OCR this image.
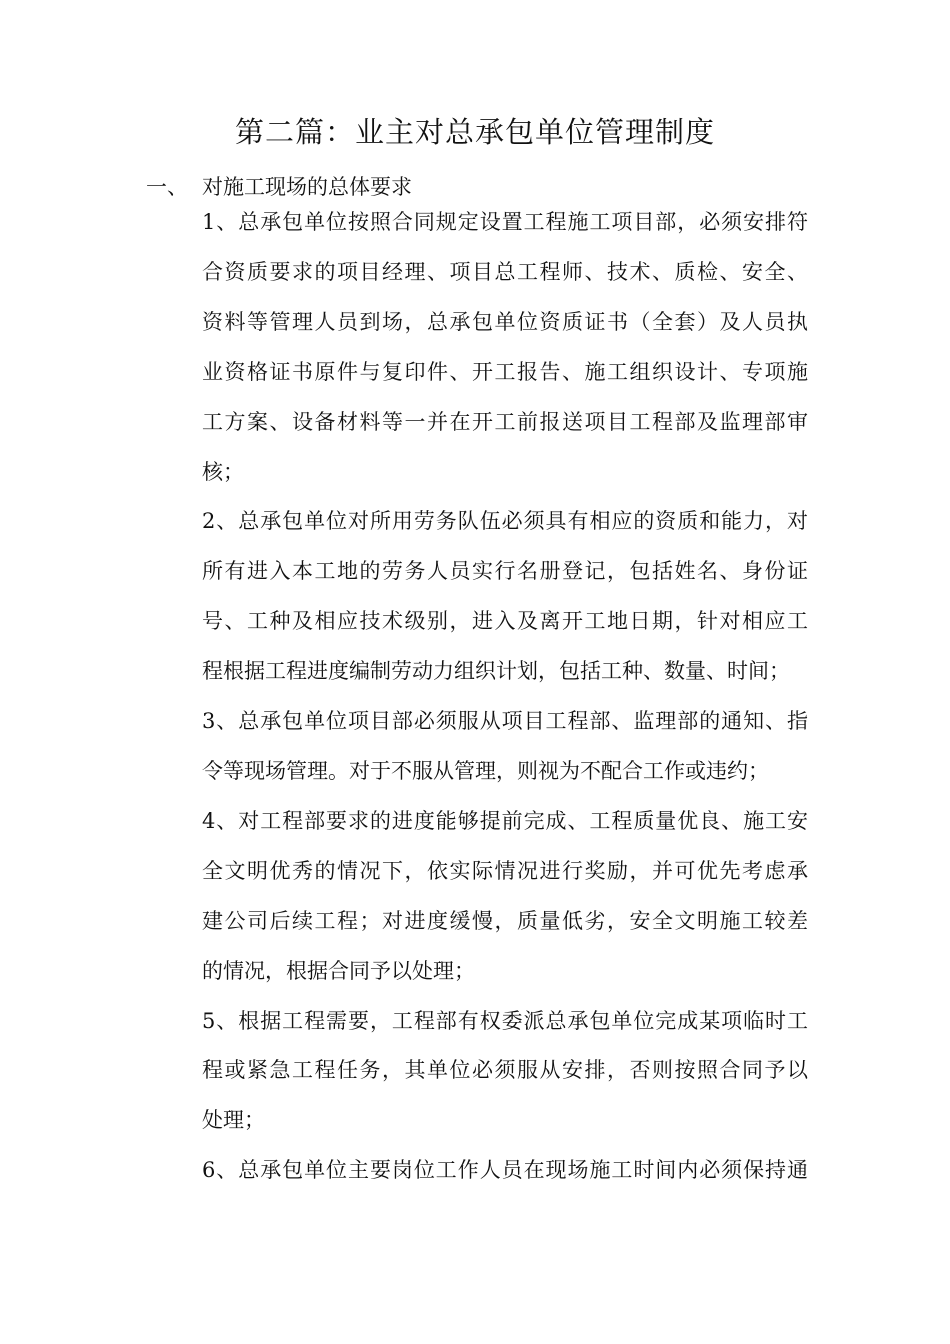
第二篇：业主对总承包单位管理制度
一、 对施工现场的总体要求

1、总承包单位按照合同规定设置工程施工项目部，必须安排符
合资质要求的项目经理、项目总工程师、技术、质检、安全、
资料等管理人员到场，总承包单位资质证书（全套）及人员执
业资格证书原件与复印件、开工报告、施工组织设计、专项施
工方案、设备材料等一并在开工前报送项目工程部及监理部审
核；

2、总承包单位对所用劳务队伍必须具有相应的资质和能力，对
所有进入本工地的劳务人员实行名册登记，包括姓名、身份证
号、工种及相应技术级别，进入及离开工地日期，针对相应工
程根据工程进度编制劳动力组织计划，包括工种、数量、时间；

3、总承包单位项目部必须服从项目工程部、监理部的通知、指
令等现场管理。对于不服从管理，则视为不配合工作或违约；

4、对工程部要求的进度能够提前完成、工程质量优良、施工安
全文明优秀的情况下，依实际情况进行奖励，并可优先考虑承
建公司后续工程；对进度缓慢，质量低劣，安全文明施工较差
的情况，根据合同予以处理；

5、根据工程需要，工程部有权委派总承包单位完成某项临时工
程或紧急工程任务，其单位必须服从安排，否则按照合同予以
处理；

6、总承包单位主要岗位工作人员在现场施工时间内必须保持通
